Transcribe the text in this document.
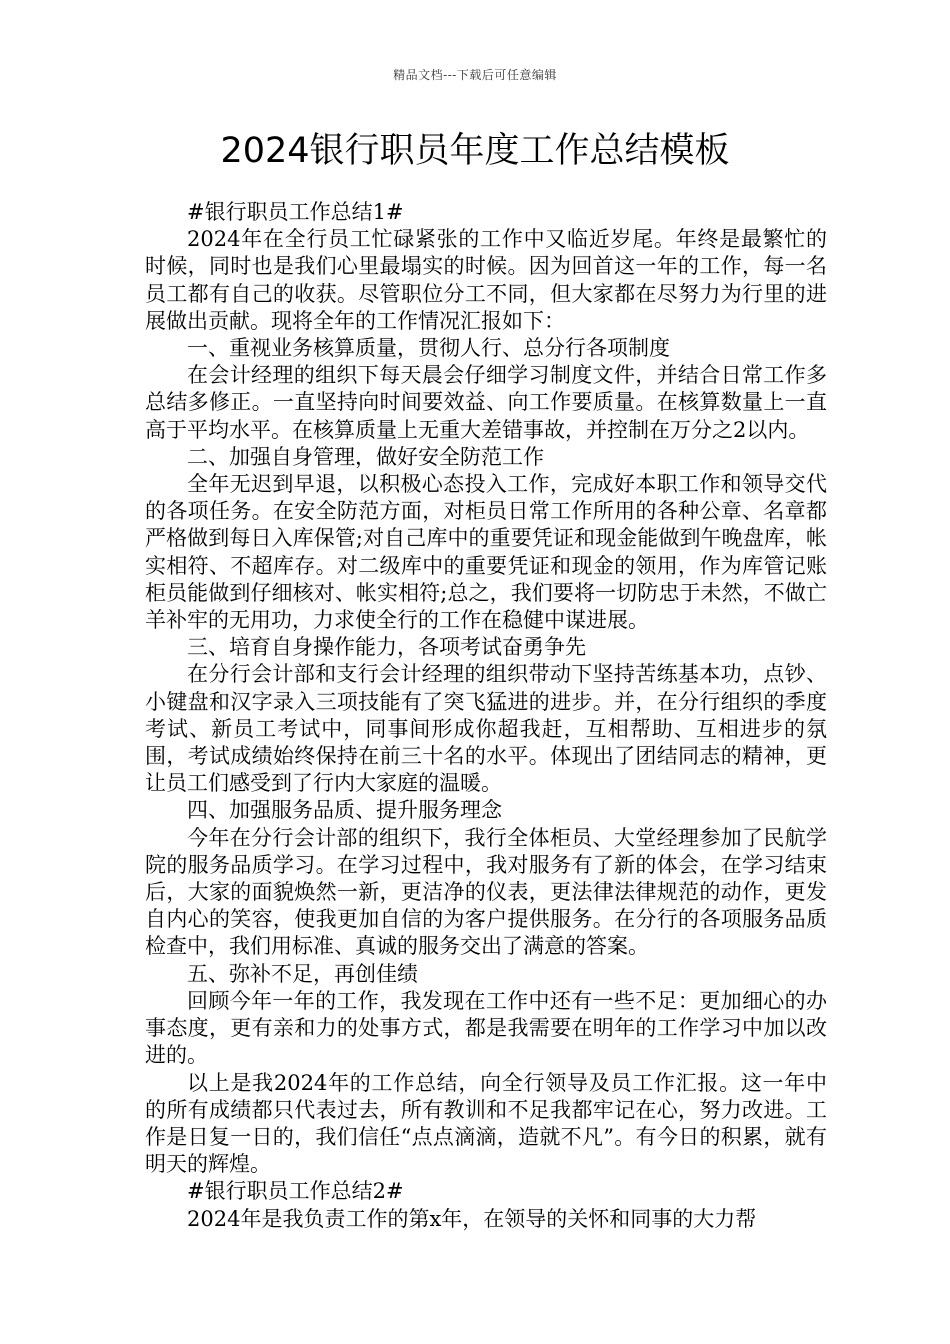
精品文档---下载后可任意编辑
2024银行职员年度工作总结模板

#银行职员工作总结1#

2024年在全行员工忙碌紧张的工作中又临近岁尾。年终是最繁忙的时候，同时也是我们心里最塌实的时候。因为回首这一年的工作，每一名员工都有自己的收获。尽管职位分工不同，但大家都在尽努力为行里的进展做出贡献。现将全年的工作情况汇报如下：

一、重视业务核算质量，贯彻人行、总分行各项制度

在会计经理的组织下每天晨会仔细学习制度文件，并结合日常工作多总结多修正。一直坚持向时间要效益、向工作要质量。在核算数量上一直高于平均水平。在核算质量上无重大差错事故，并控制在万分之2以内。

二、加强自身管理，做好安全防范工作

全年无迟到早退，以积极心态投入工作，完成好本职工作和领导交代的各项任务。在安全防范方面，对柜员日常工作所用的各种公章、名章都严格做到每日入库保管;对自己库中的重要凭证和现金能做到午晚盘库，帐实相符、不超库存。对二级库中的重要凭证和现金的领用，作为库管记账柜员能做到仔细核对、帐实相符;总之，我们要将一切防忠于未然，不做亡羊补牢的无用功，力求使全行的工作在稳健中谋进展。

三、培育自身操作能力，各项考试奋勇争先

在分行会计部和支行会计经理的组织带动下坚持苦练基本功，点钞、小键盘和汉字录入三项技能有了突飞猛进的进步。并，在分行组织的季度考试、新员工考试中，同事间形成你超我赶，互相帮助、互相进步的氛围，考试成绩始终保持在前三十名的水平。体现出了团结同志的精神，更让员工们感受到了行内大家庭的温暖。

四、加强服务品质、提升服务理念

今年在分行会计部的组织下，我行全体柜员、大堂经理参加了民航学院的服务品质学习。在学习过程中，我对服务有了新的体会，在学习结束后，大家的面貌焕然一新，更洁净的仪表，更法律法律规范的动作，更发自内心的笑容，使我更加自信的为客户提供服务。在分行的各项服务品质检查中，我们用标准、真诚的服务交出了满意的答案。

五、弥补不足，再创佳绩

回顾今年一年的工作，我发现在工作中还有一些不足：更加细心的办事态度，更有亲和力的处事方式，都是我需要在明年的工作学习中加以改进的。

以上是我2024年的工作总结，向全行领导及员工作汇报。这一年中的所有成绩都只代表过去，所有教训和不足我都牢记在心，努力改进。工作是日复一日的，我们信任“点点滴滴，造就不凡”。有今日的积累，就有明天的辉煌。

#银行职员工作总结2#

2024年是我负责工作的第x年，在领导的关怀和同事的大力帮
